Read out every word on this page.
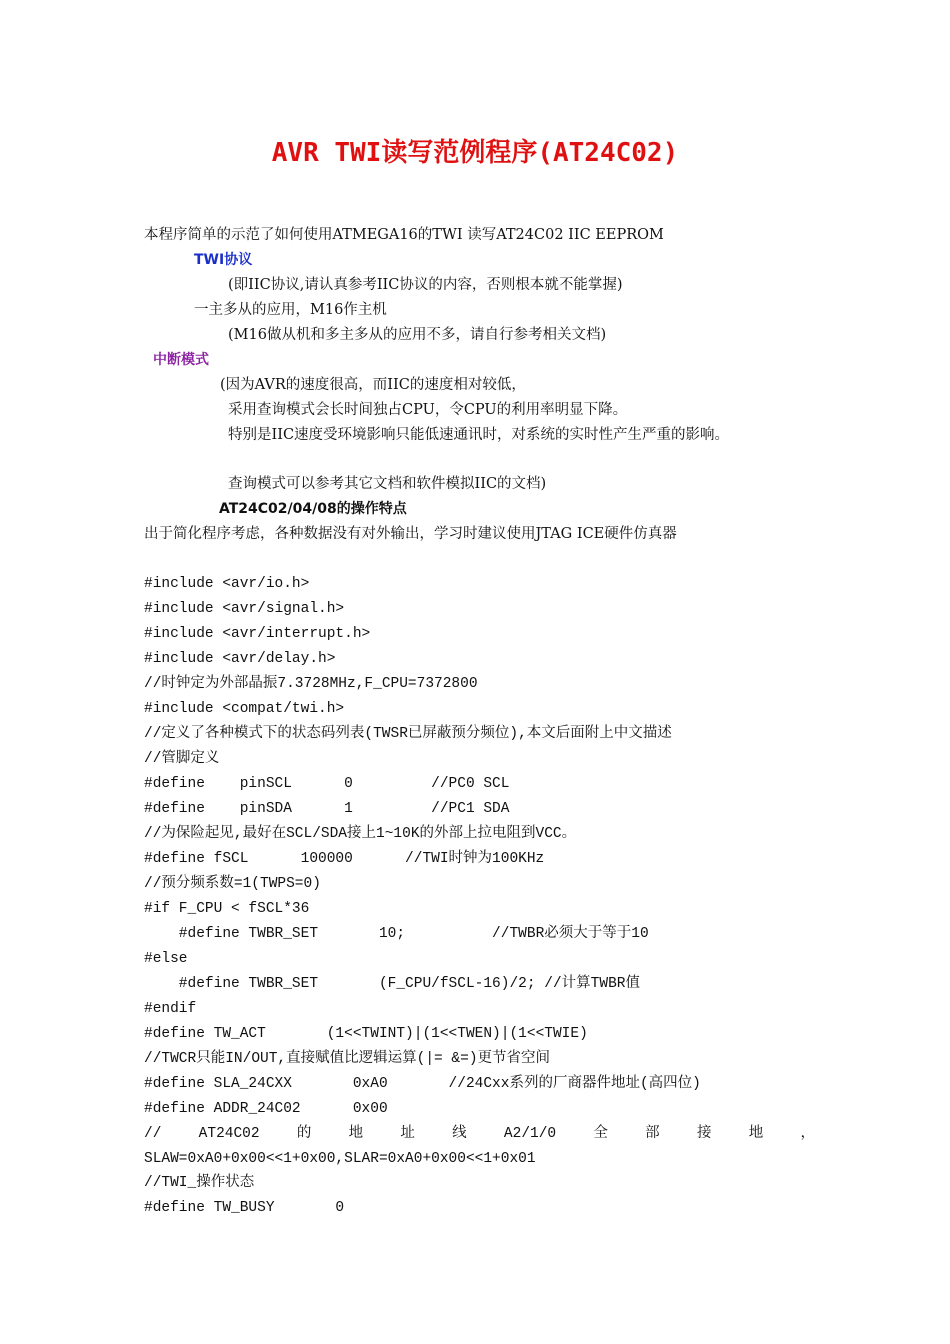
AVR TWI读写范例程序(AT24C02)
本程序简单的示范了如何使用ATMEGA16的TWI 读写AT24C02 IIC EEPROM
TWI协议
(即IIC协议,请认真参考IIC协议的内容，否则根本就不能掌握)
一主多从的应用，M16作主机
(M16做从机和多主多从的应用不多，请自行参考相关文档)
中断模式
(因为AVR的速度很高，而IIC的速度相对较低，
采用查询模式会长时间独占CPU，令CPU的利用率明显下降。
特别是IIC速度受环境影响只能低速通讯时，对系统的实时性产生严重的影响。
查询模式可以参考其它文档和软件模拟IIC的文档)
AT24C02/04/08的操作特点
出于简化程序考虑，各种数据没有对外输出，学习时建议使用JTAG ICE硬件仿真器
#include <avr/io.h>
#include <avr/signal.h>
#include <avr/interrupt.h>
#include <avr/delay.h>
//时钟定为外部晶振7.3728MHz,F_CPU=7372800
#include <compat/twi.h>
//定义了各种模式下的状态码列表(TWSR已屏蔽预分频位),本文后面附上中文描述
//管脚定义
#define    pinSCL      0         //PC0 SCL
#define    pinSDA      1         //PC1 SDA
//为保险起见,最好在SCL/SDA接上1~10K的外部上拉电阻到VCC。
#define fSCL      100000      //TWI时钟为100KHz
//预分频系数=1(TWPS=0)
#if F_CPU < fSCL*36
#define TWBR_SET       10;          //TWBR必须大于等于10
#else
#define TWBR_SET       (F_CPU/fSCL-16)/2; //计算TWBR值
#endif
#define TW_ACT       (1<<TWINT)|(1<<TWEN)|(1<<TWIE)
//TWCR只能IN/OUT,直接赋值比逻辑运算(|= &=)更节省空间
#define SLA_24CXX       0xA0       //24Cxx系列的厂商器件地址(高四位)
#define ADDR_24C02      0x00
//	AT24C02	的	地	址	线	A2/1/0	全	部	接	地	，
SLAW=0xA0+0x00<<1+0x00,SLAR=0xA0+0x00<<1+0x01
//TWI_操作状态
#define TW_BUSY       0
